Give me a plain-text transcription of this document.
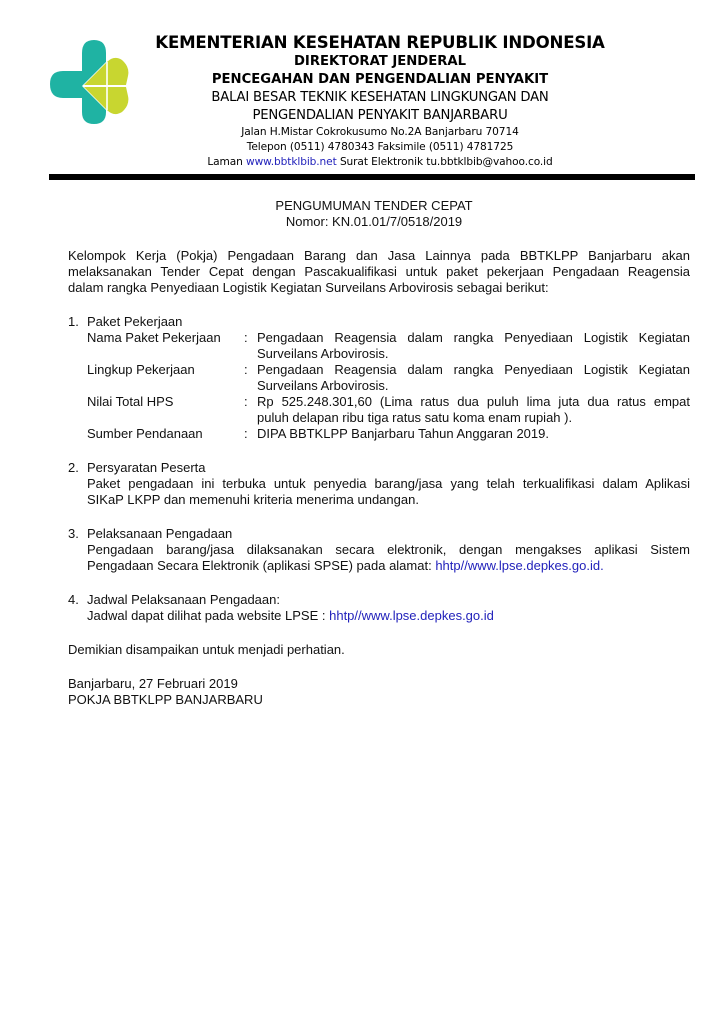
KEMENTERIAN KESEHATAN REPUBLIK INDONESIA
DIREKTORAT JENDERAL
PENCEGAHAN DAN PENGENDALIAN PENYAKIT
BALAI BESAR TEKNIK KESEHATAN LINGKUNGAN DAN
PENGENDALIAN PENYAKIT BANJARBARU
Jalan H.Mistar Cokrokusumo No.2A Banjarbaru 70714
Telepon (0511) 4780343 Faksimile (0511) 4781725
Laman www.bbtklbib.net Surat Elektronik tu.bbtklbib@vahoo.co.id
PENGUMUMAN TENDER CEPAT
Nomor: KN.01.01/7/0518/2019
Kelompok Kerja (Pokja) Pengadaan Barang dan Jasa Lainnya pada BBTKLPP Banjarbaru akan
melaksanakan Tender Cepat dengan Pascakualifikasi untuk paket pekerjaan Pengadaan Reagensia
dalam rangka Penyediaan Logistik Kegiatan Surveilans Arbovirosis sebagai berikut:
1. Paket Pekerjaan
Nama Paket Pekerjaan	: Pengadaan Reagensia dalam rangka Penyediaan Logistik Kegiatan
Surveilans Arbovirosis.
Lingkup Pekerjaan	: Pengadaan Reagensia dalam rangka Penyediaan Logistik Kegiatan
Surveilans Arbovirosis.
Nilai Total HPS	: Rp 525.248.301,60 (Lima ratus dua puluh lima juta dua ratus empat
puluh delapan ribu tiga ratus satu koma enam rupiah ).
Sumber Pendanaan	: DIPA BBTKLPP Banjarbaru Tahun Anggaran 2019.
2. Persyaratan Peserta
Paket pengadaan ini terbuka untuk penyedia barang/jasa yang telah terkualifikasi dalam Aplikasi
SIKaP LKPP dan memenuhi kriteria menerima undangan.
3. Pelaksanaan Pengadaan
Pengadaan barang/jasa dilaksanakan secara elektronik, dengan mengakses aplikasi Sistem
Pengadaan Secara Elektronik (aplikasi SPSE) pada alamat: hhtp//www.lpse.depkes.go.id.
4. Jadwal Pelaksanaan Pengadaan:
Jadwal dapat dilihat pada website LPSE : hhtp//www.lpse.depkes.go.id
Demikian disampaikan untuk menjadi perhatian.
Banjarbaru, 27 Februari 2019
POKJA BBTKLPP BANJARBARU
